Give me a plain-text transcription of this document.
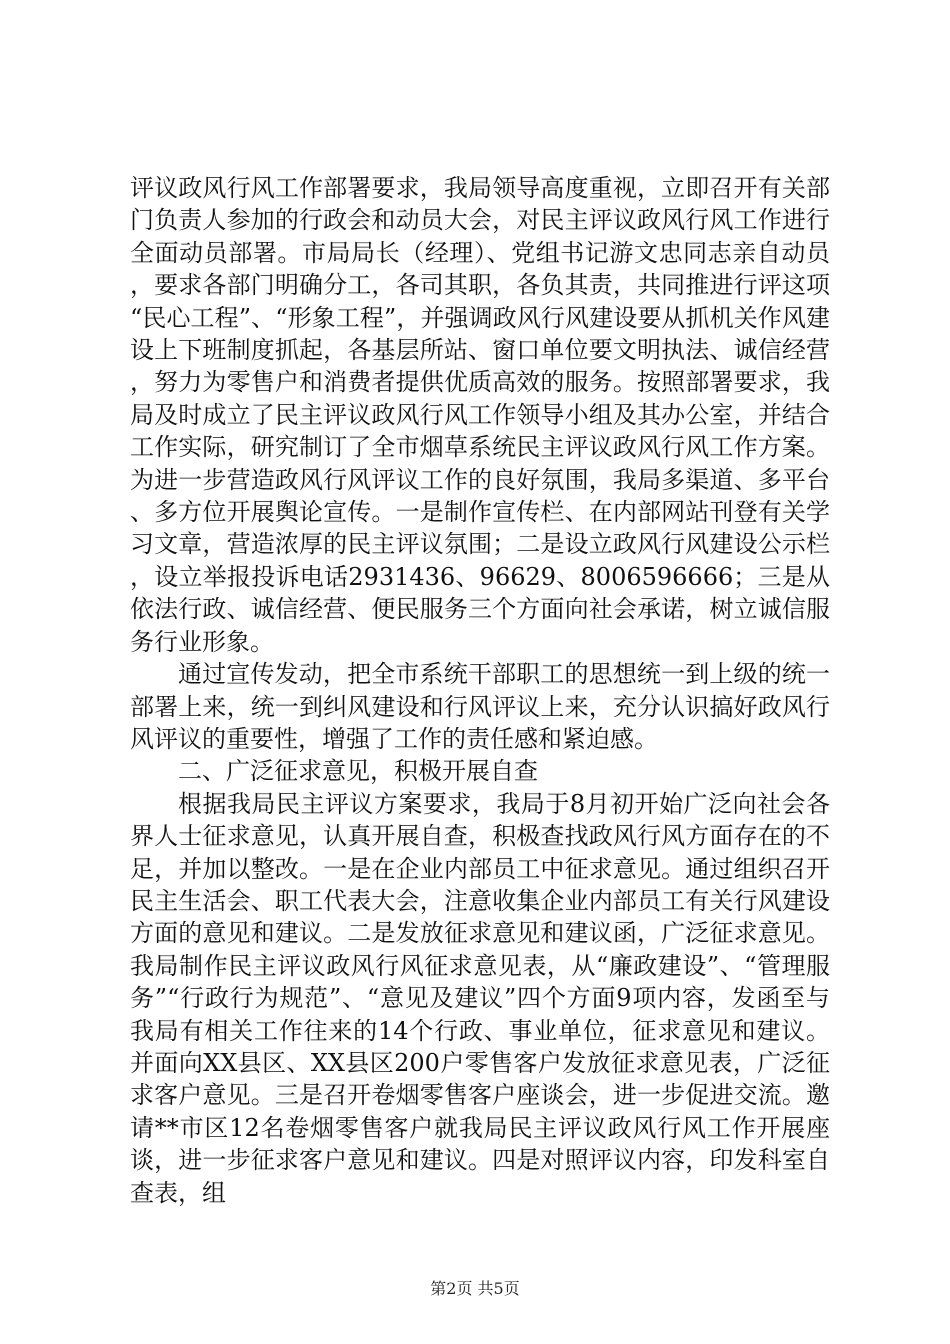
评议政风行风工作部署要求，我局领导高度重视，立即召开有关部门负责人参加的行政会和动员大会，对民主评议政风行风工作进行全面动员部署。市局局长（经理）、党组书记游文忠同志亲自动员，要求各部门明确分工，各司其职，各负其责，共同推进行评这项“民心工程”、“形象工程”，并强调政风行风建设要从抓机关作风建设上下班制度抓起，各基层所站、窗口单位要文明执法、诚信经营，努力为零售户和消费者提供优质高效的服务。按照部署要求，我局及时成立了民主评议政风行风工作领导小组及其办公室，并结合工作实际，研究制订了全市烟草系统民主评议政风行风工作方案。为进一步营造政风行风评议工作的良好氛围，我局多渠道、多平台、多方位开展舆论宣传。一是制作宣传栏、在内部网站刊登有关学习文章，营造浓厚的民主评议氛围；二是设立政风行风建设公示栏，设立举报投诉电话2931436、96629、8006596666；三是从依法行政、诚信经营、便民服务三个方面向社会承诺，树立诚信服务行业形象。

通过宣传发动，把全市系统干部职工的思想统一到上级的统一部署上来，统一到纠风建设和行风评议上来，充分认识搞好政风行风评议的重要性，增强了工作的责任感和紧迫感。

二、广泛征求意见，积极开展自查

根据我局民主评议方案要求，我局于8月初开始广泛向社会各界人士征求意见，认真开展自查，积极查找政风行风方面存在的不足，并加以整改。一是在企业内部员工中征求意见。通过组织召开民主生活会、职工代表大会，注意收集企业内部员工有关行风建设方面的意见和建议。二是发放征求意见和建议函，广泛征求意见。我局制作民主评议政风行风征求意见表，从“廉政建设”、“管理服务”“行政行为规范”、“意见及建议”四个方面9项内容，发函至与我局有相关工作往来的14个行政、事业单位，征求意见和建议。并面向XX县区、XX县区200户零售客户发放征求意见表，广泛征求客户意见。三是召开卷烟零售客户座谈会，进一步促进交流。邀请**市区12名卷烟零售客户就我局民主评议政风行风工作开展座谈，进一步征求客户意见和建议。四是对照评议内容，印发科室自查表，组

第2页 共5页
